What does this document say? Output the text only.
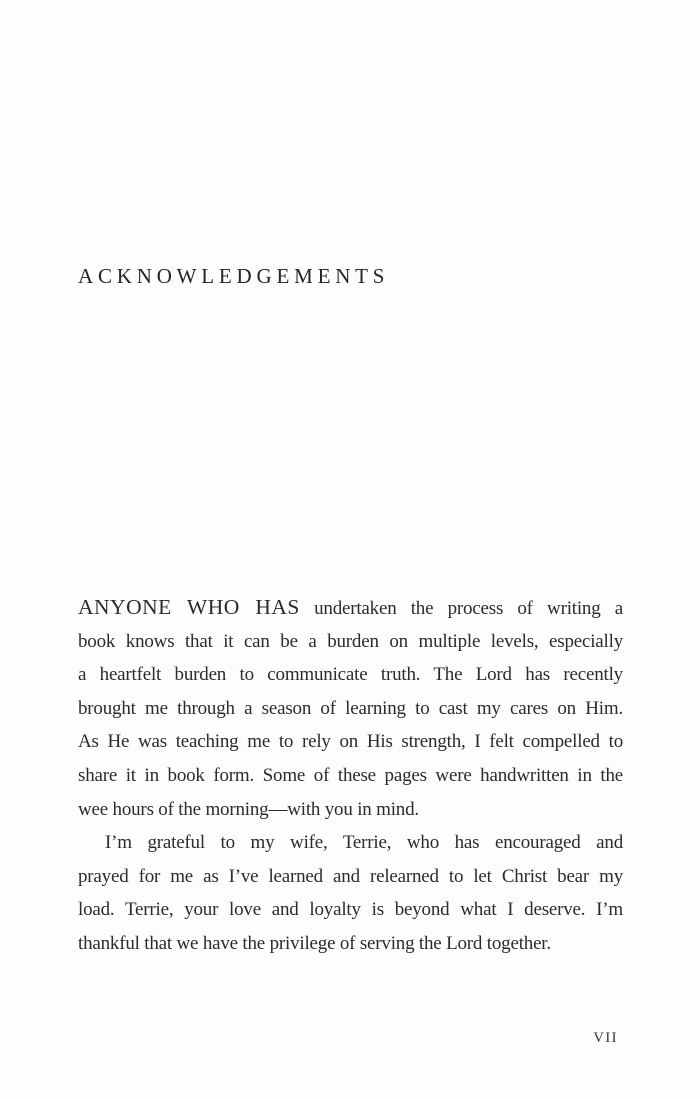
ACKNOWLEDGEMENTS
ANYONE WHO HAS undertaken the process of writing a
book knows that it can be a burden on multiple levels, especially
a heartfelt burden to communicate truth. The Lord has recently
brought me through a season of learning to cast my cares on Him.
As He was teaching me to rely on His strength, I felt compelled to
share it in book form. Some of these pages were handwritten in the
wee hours of the morning—with you in mind.
I’m grateful to my wife, Terrie, who has encouraged and
prayed for me as I’ve learned and relearned to let Christ bear my
load. Terrie, your love and loyalty is beyond what I deserve. I’m
thankful that we have the privilege of serving the Lord together.
VII
